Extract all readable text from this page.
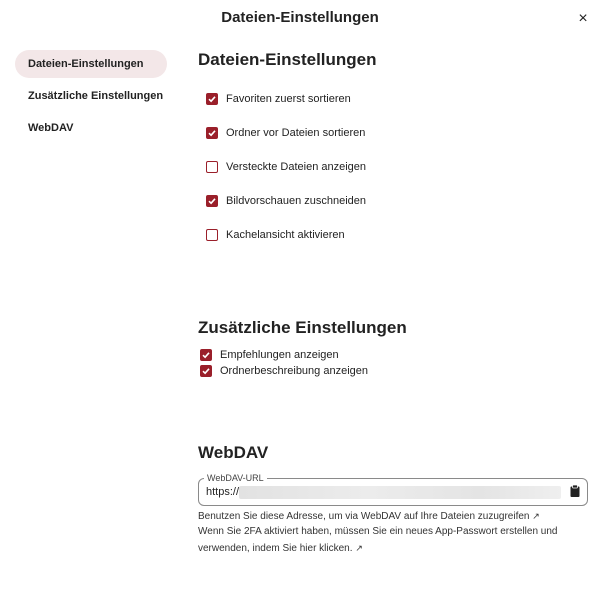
Dateien-Einstellungen	×
Dateien-Einstellungen
Zusätzliche Einstellungen
WebDAV
Dateien-Einstellungen
Favoriten zuerst sortieren
Ordner vor Dateien sortieren
Versteckte Dateien anzeigen
Bildvorschauen zuschneiden
Kachelansicht aktivieren
Zusätzliche Einstellungen
Empfehlungen anzeigen
Ordnerbeschreibung anzeigen
WebDAV
WebDAV-URL
https://
Benutzen Sie diese Adresse, um via WebDAV auf Ihre Dateien zuzugreifen ↗
Wenn Sie 2FA aktiviert haben, müssen Sie ein neues App-Passwort erstellen und
verwenden, indem Sie hier klicken. ↗
